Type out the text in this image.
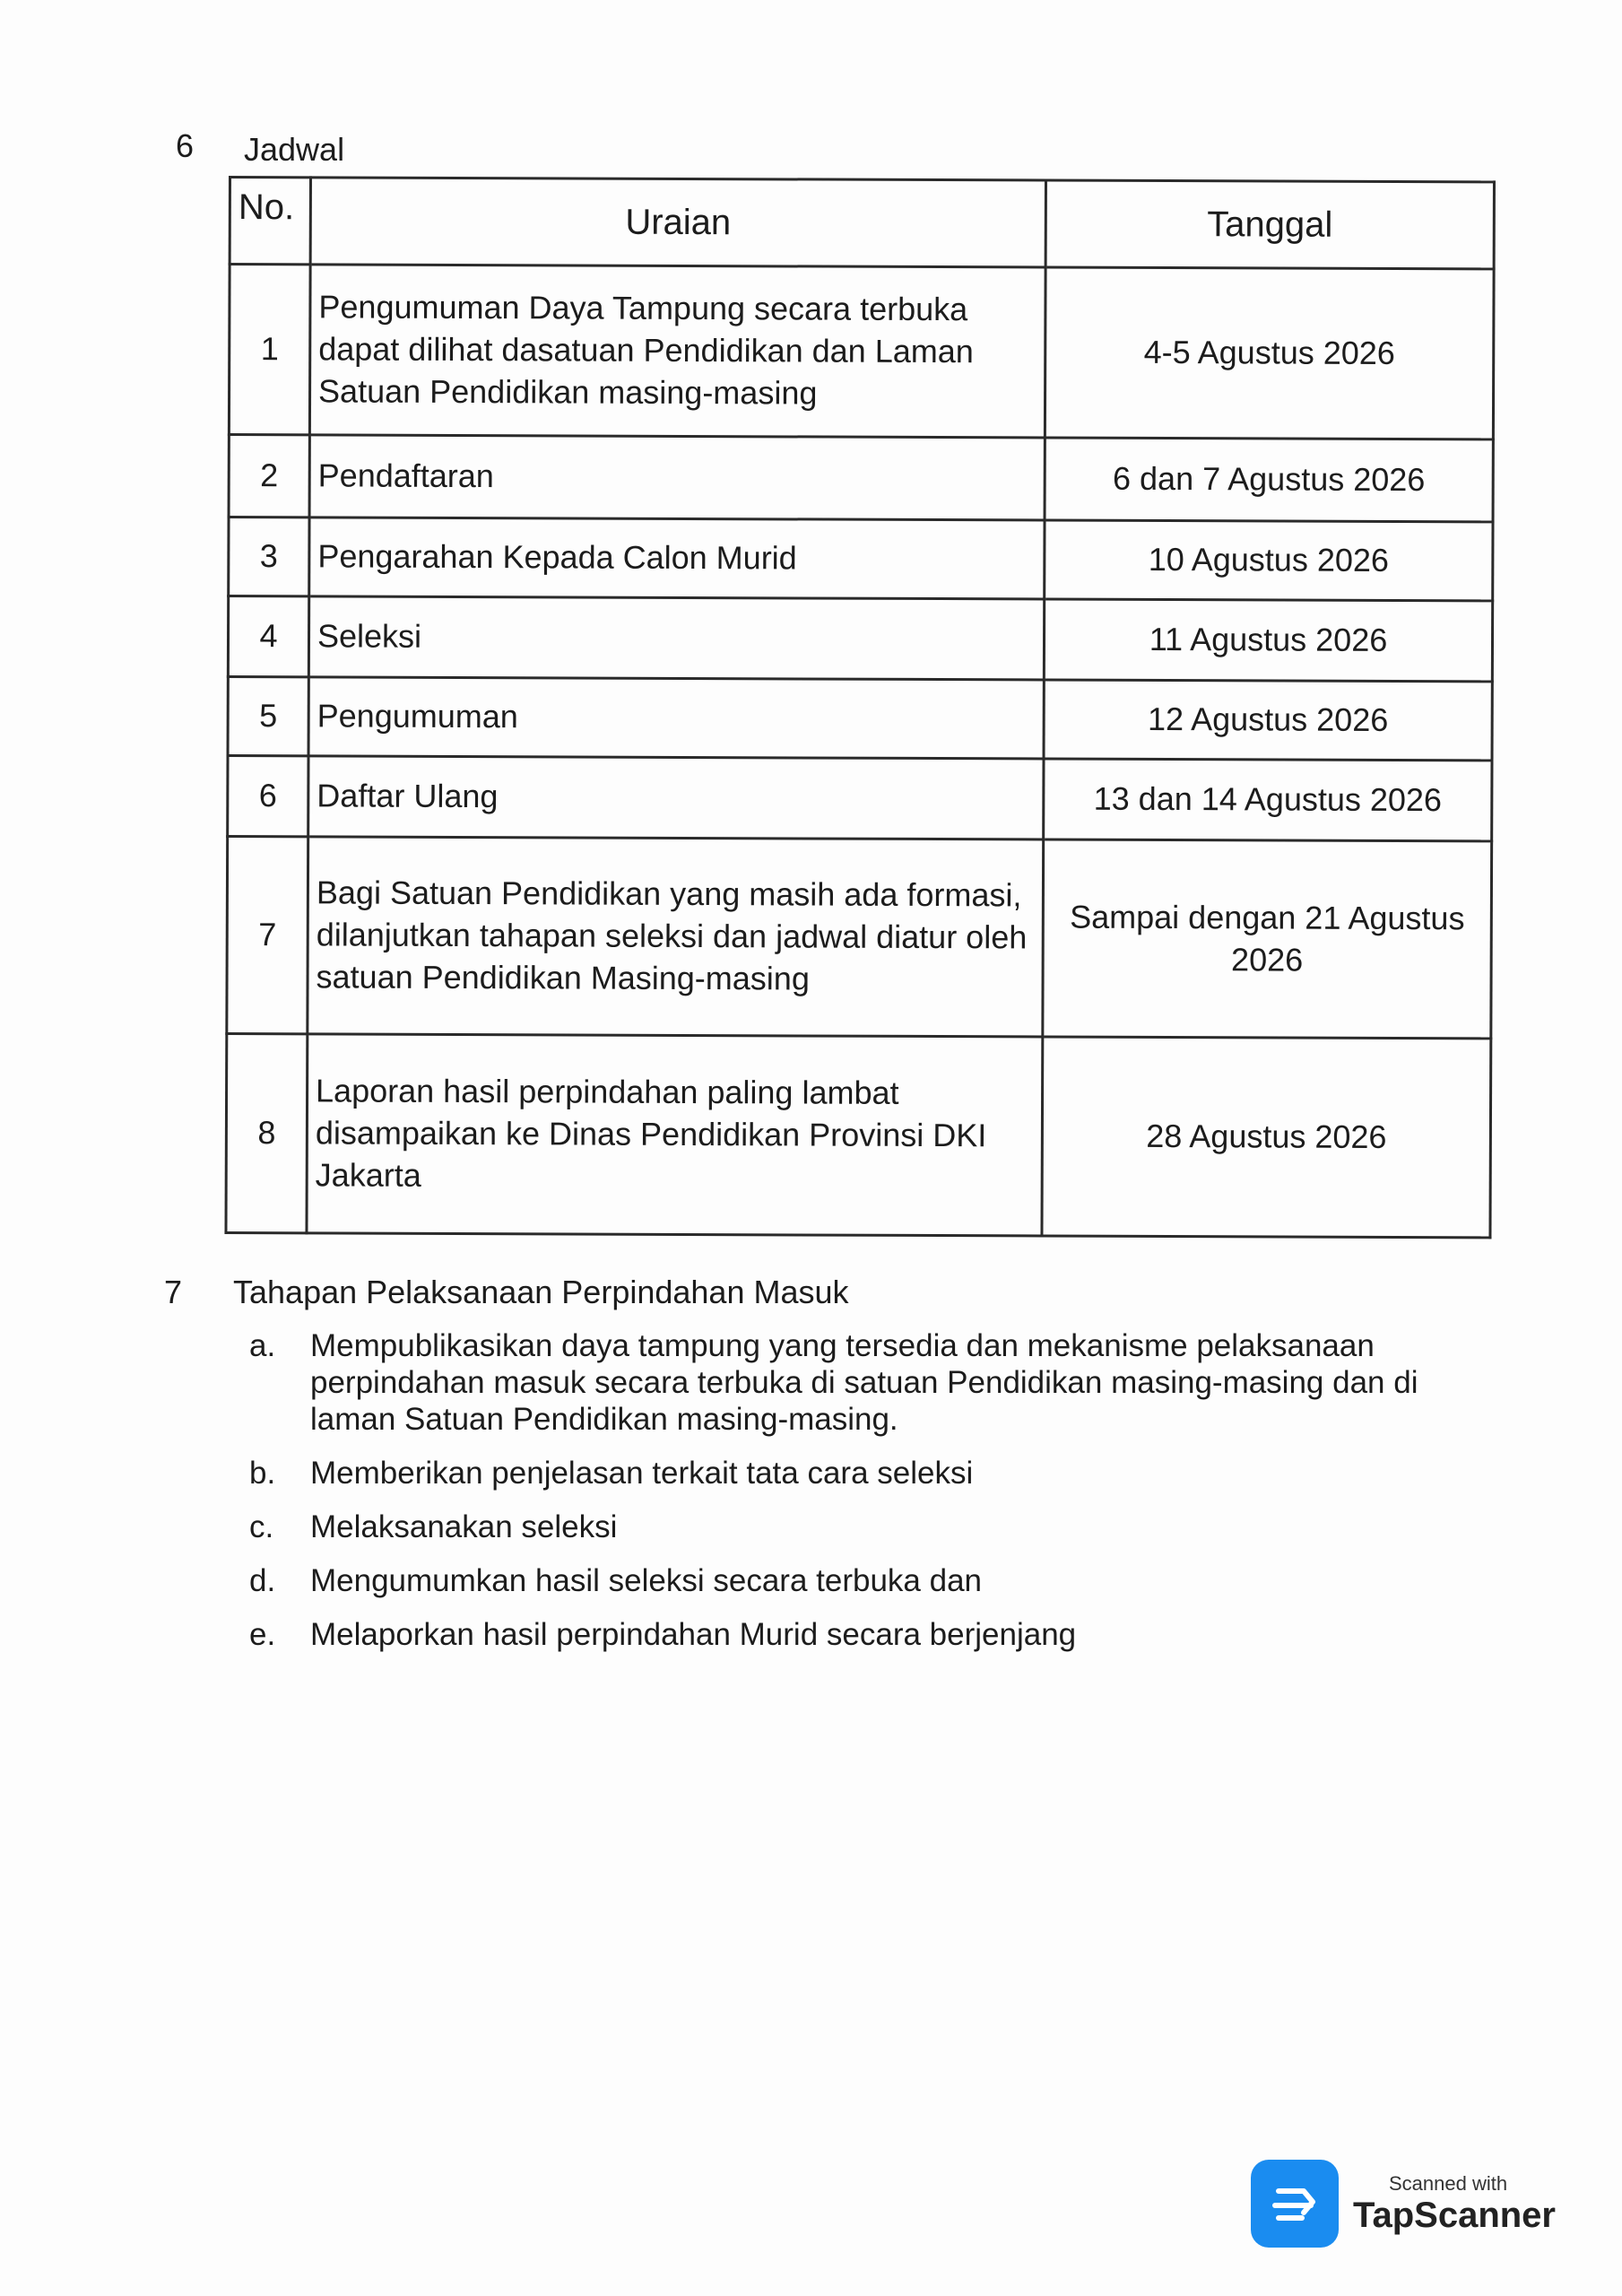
6 Jadwal
No.	Uraian	Tanggal
1	Pengumuman Daya Tampung secara terbuka dapat dilihat dasatuan Pendidikan dan Laman Satuan Pendidikan masing-masing	4-5 Agustus 2026
2	Pendaftaran	6 dan 7 Agustus 2026
3	Pengarahan Kepada Calon Murid	10 Agustus 2026
4	Seleksi	11 Agustus 2026
5	Pengumuman	12 Agustus 2026
6	Daftar Ulang	13 dan 14 Agustus 2026
7	Bagi Satuan Pendidikan yang masih ada formasi, dilanjutkan tahapan seleksi dan jadwal diatur oleh satuan Pendidikan Masing-masing	Sampai dengan 21 Agustus 2026
8	Laporan hasil perpindahan paling lambat disampaikan ke Dinas Pendidikan Provinsi DKI Jakarta	28 Agustus 2026
7 Tahapan Pelaksanaan Perpindahan Masuk
a.	Mempublikasikan daya tampung yang tersedia dan mekanisme pelaksanaan perpindahan masuk secara terbuka di satuan Pendidikan masing-masing dan di laman Satuan Pendidikan masing-masing.
b.	Memberikan penjelasan terkait tata cara seleksi
c.	Melaksanakan seleksi
d.	Mengumumkan hasil seleksi secara terbuka dan
e.	Melaporkan hasil perpindahan Murid secara berjenjang
Scanned with
TapScanner
